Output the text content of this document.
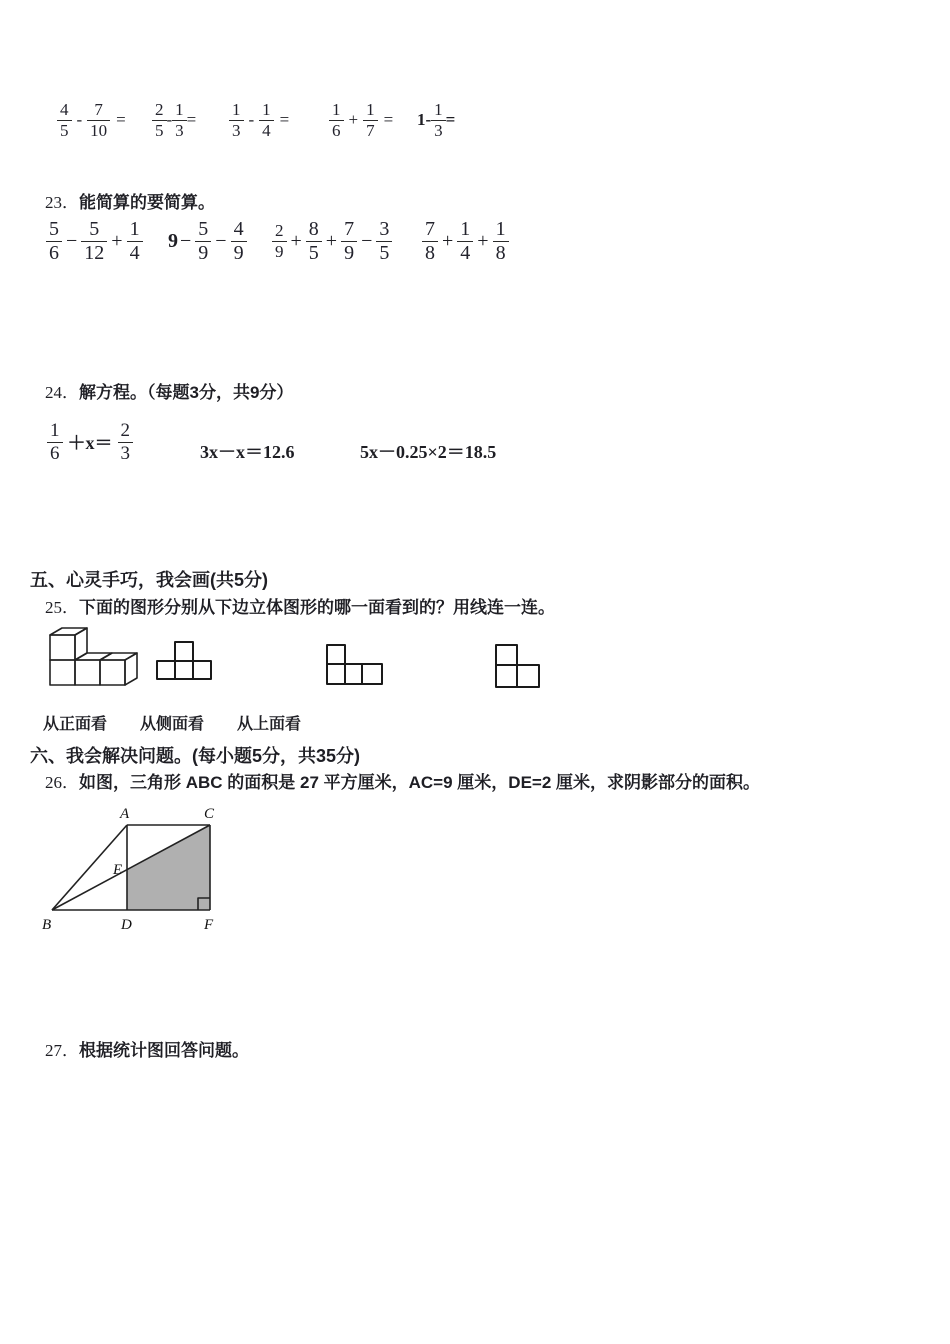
$\frac{4}{5} - \frac{7}{10} = \frac{2}{5} - \frac{1}{3} = \frac{1}{3} - \frac{1}{4} = \frac{1}{6} + \frac{1}{7} = 1- \frac{1}{3}$ =
23．能简算的要简算。
$\frac{5}{6} - \frac{5}{12} + \frac{1}{4} 9 - \frac{5}{9} - \frac{4}{9} \frac{2}{9} + \frac{8}{5} + \frac{7}{9} - \frac{3}{5} \frac{7}{8} + \frac{1}{4} + \frac{1}{8}$
24．解方程。（每题3分，共9分）
$\frac{1}{6} +x= \frac{2}{3}$	3x－x＝12.6	5x－0.25×2＝18.5
五、心灵手巧，我会画(共5分)
25．下面的图形分别从下边立体图形的哪一面看到的？用线连一连。
从正面看 从侧面看 从上面看
六、我会解决问题。(每小题5分，共35分)
26．如图，三角形 ABC 的面积是 27 平方厘米，AC=9 厘米，DE=2 厘米，求阴影部分的面积。
A	C
E
B	D	F
27．根据统计图回答问题。
